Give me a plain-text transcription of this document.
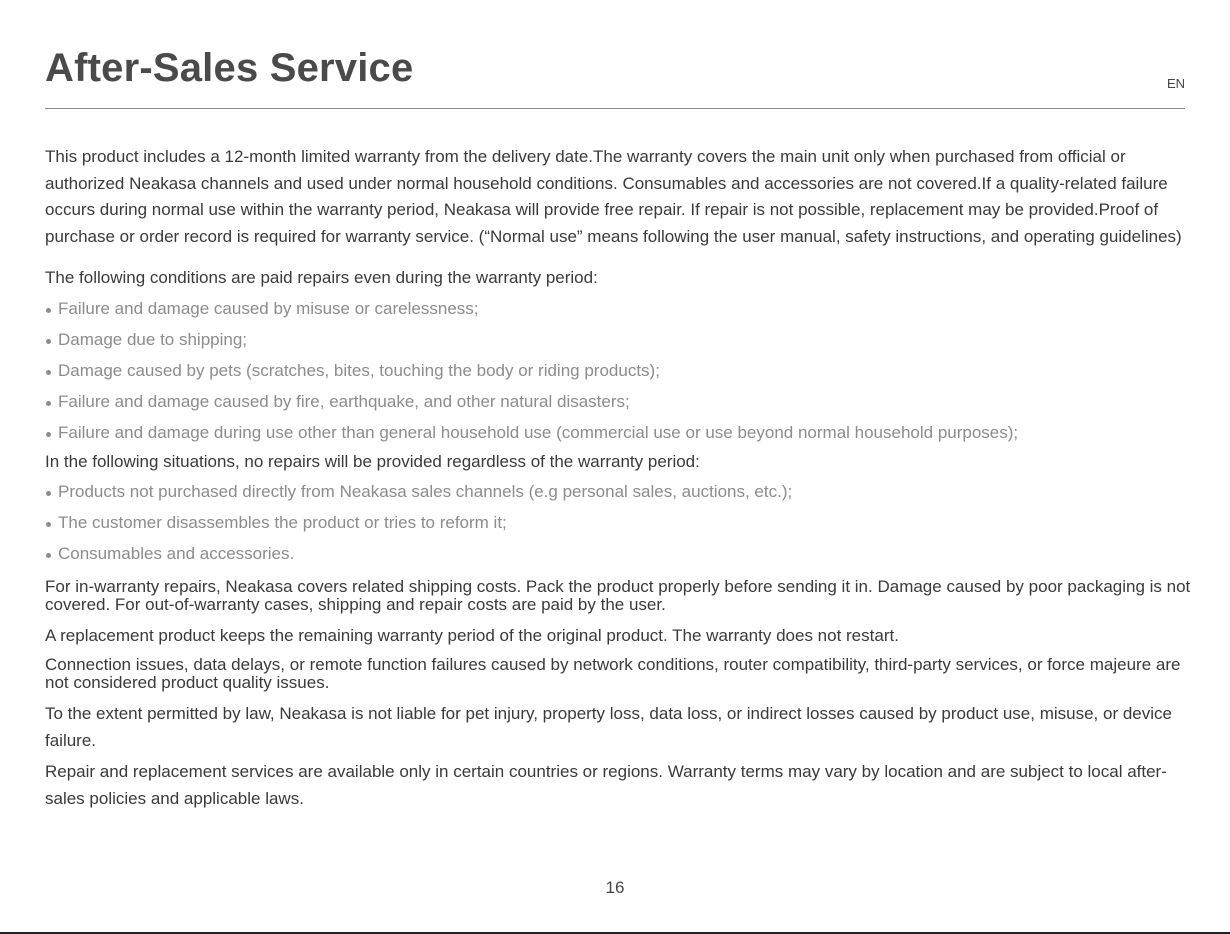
After-Sales Service	EN

This product includes a 12-month limited warranty from the delivery date.The warranty covers the main unit only when purchased from official or authorized Neakasa channels and used under normal household conditions. Consumables and accessories are not covered.If a quality-related failure occurs during normal use within the warranty period, Neakasa will provide free repair. If repair is not possible, replacement may be provided.Proof of purchase or order record is required for warranty service. (“Normal use” means following the user manual, safety instructions, and operating guidelines)

The following conditions are paid repairs even during the warranty period:

Failure and damage caused by misuse or carelessness;
Damage due to shipping;
Damage caused by pets (scratches, bites, touching the body or riding products);
Failure and damage caused by fire, earthquake, and other natural disasters;
Failure and damage during use other than general household use (commercial use or use beyond normal household purposes);

In the following situations, no repairs will be provided regardless of the warranty period:

Products not purchased directly from Neakasa sales channels (e.g personal sales, auctions, etc.);
The customer disassembles the product or tries to reform it;
Consumables and accessories.

For in-warranty repairs, Neakasa covers related shipping costs. Pack the product properly before sending it in. Damage caused by poor packaging is not covered. For out-of-warranty cases, shipping and repair costs are paid by the user.

A replacement product keeps the remaining warranty period of the original product. The warranty does not restart.

Connection issues, data delays, or remote function failures caused by network conditions, router compatibility, third-party services, or force majeure are not considered product quality issues.

To the extent permitted by law, Neakasa is not liable for pet injury, property loss, data loss, or indirect losses caused by product use, misuse, or device failure.

Repair and replacement services are available only in certain countries or regions. Warranty terms may vary by location and are subject to local after-sales policies and applicable laws.

16
